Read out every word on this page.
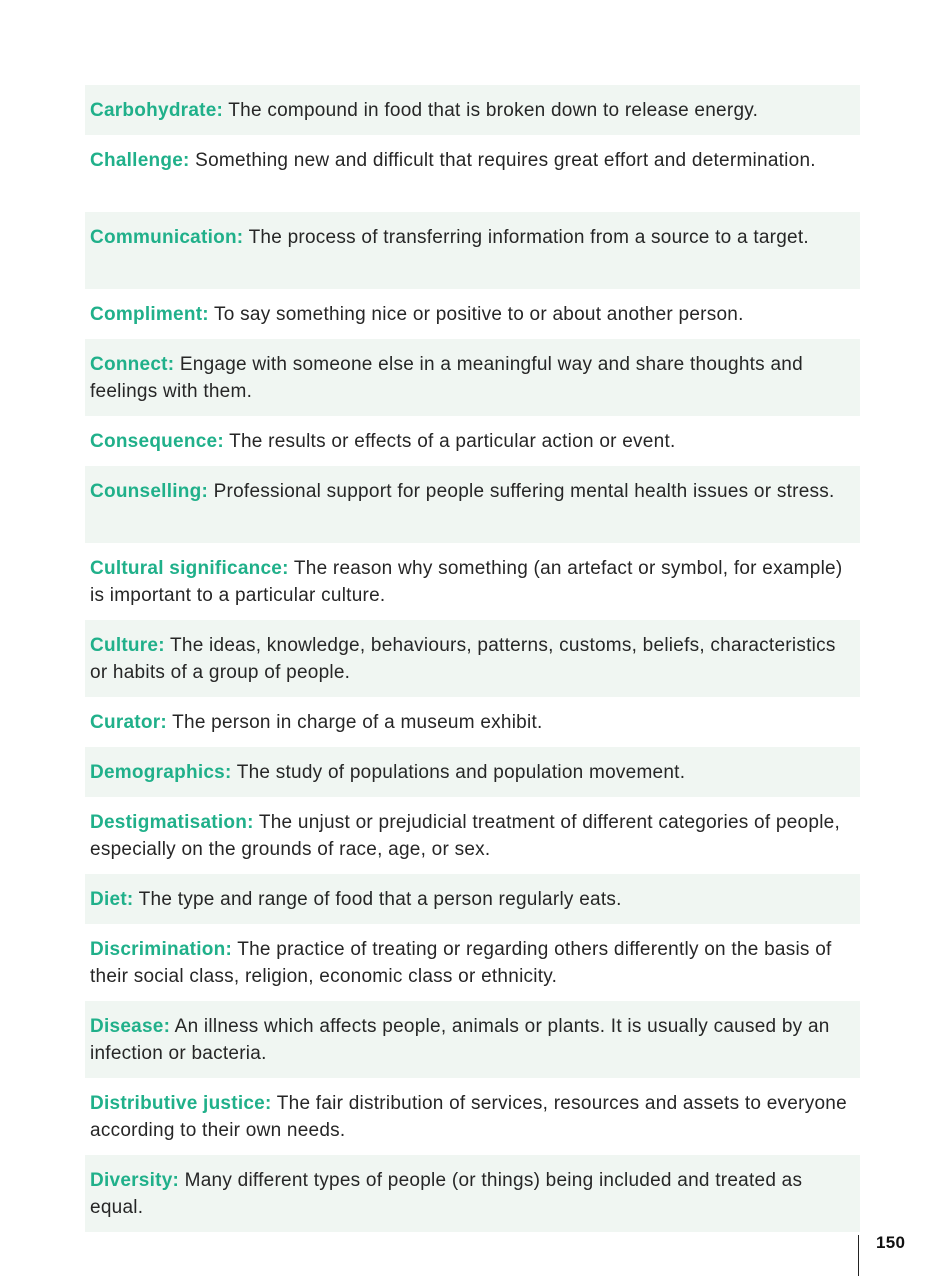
Carbohydrate: The compound in food that is broken down to release energy.
Challenge: Something new and difficult that requires great effort and determination.
Communication: The process of transferring information from a source to a target.
Compliment: To say something nice or positive to or about another person.
Connect: Engage with someone else in a meaningful way and share thoughts and feelings with them.
Consequence: The results or effects of a particular action or event.
Counselling: Professional support for people suffering mental health issues or stress.
Cultural significance: The reason why something (an artefact or symbol, for example) is important to a particular culture.
Culture: The ideas, knowledge, behaviours, patterns, customs, beliefs, characteristics or habits of a group of people.
Curator: The person in charge of a museum exhibit.
Demographics: The study of populations and population movement.
Destigmatisation: The unjust or prejudicial treatment of different categories of people, especially on the grounds of race, age, or sex.
Diet: The type and range of food that a person regularly eats.
Discrimination: The practice of treating or regarding others differently on the basis of their social class, religion, economic class or ethnicity.
Disease: An illness which affects people, animals or plants. It is usually caused by an infection or bacteria.
Distributive justice: The fair distribution of services, resources and assets to everyone according to their own needs.
Diversity: Many different types of people (or things) being included and treated as equal.
150
